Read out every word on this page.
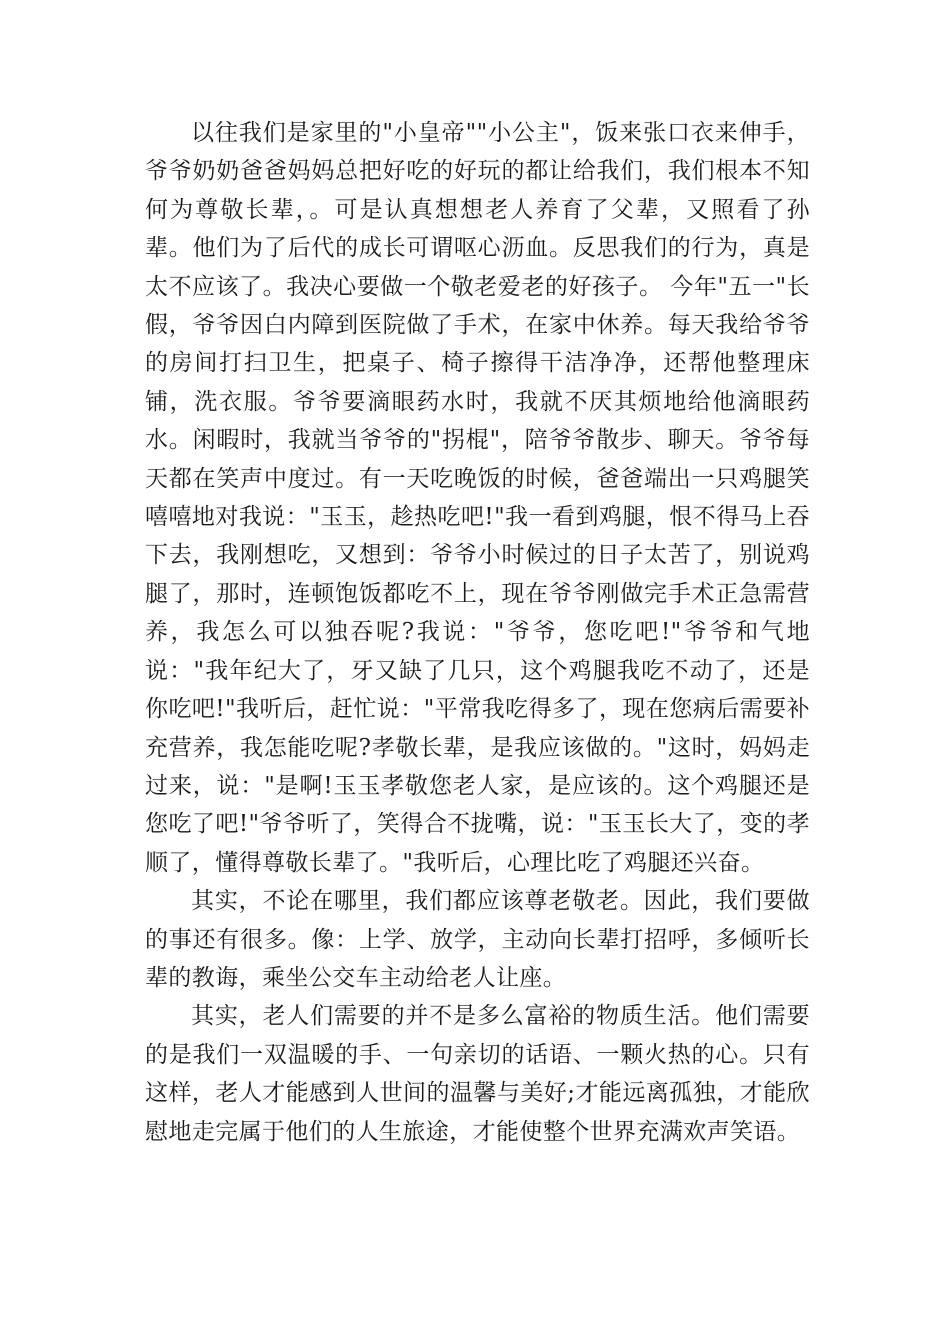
以往我们是家里的"小皇帝""小公主"，饭来张口衣来伸手，爷爷奶奶爸爸妈妈总把好吃的好玩的都让给我们，我们根本不知何为尊敬长辈，。可是认真想想老人养育了父辈，又照看了孙辈。他们为了后代的成长可谓呕心沥血。反思我们的行为，真是太不应该了。我决心要做一个敬老爱老的好孩子。 今年"五一"长假，爷爷因白内障到医院做了手术，在家中休养。每天我给爷爷的房间打扫卫生，把桌子、椅子擦得干洁净净，还帮他整理床铺，洗衣服。爷爷要滴眼药水时，我就不厌其烦地给他滴眼药水。闲暇时，我就当爷爷的"拐棍"，陪爷爷散步、聊天。爷爷每天都在笑声中度过。有一天吃晚饭的时候，爸爸端出一只鸡腿笑嘻嘻地对我说："玉玉，趁热吃吧!"我一看到鸡腿，恨不得马上吞下去，我刚想吃，又想到：爷爷小时候过的日子太苦了，别说鸡腿了，那时，连顿饱饭都吃不上，现在爷爷刚做完手术正急需营养，我怎么可以独吞呢?我说："爷爷，您吃吧!"爷爷和气地说："我年纪大了，牙又缺了几只，这个鸡腿我吃不动了，还是你吃吧!"我听后，赶忙说："平常我吃得多了，现在您病后需要补充营养，我怎能吃呢?孝敬长辈，是我应该做的。"这时，妈妈走过来，说："是啊!玉玉孝敬您老人家，是应该的。这个鸡腿还是您吃了吧!"爷爷听了，笑得合不拢嘴，说："玉玉长大了，变的孝顺了，懂得尊敬长辈了。"我听后，心理比吃了鸡腿还兴奋。

其实，不论在哪里，我们都应该尊老敬老。因此，我们要做的事还有很多。像：上学、放学，主动向长辈打招呼，多倾听长辈的教诲，乘坐公交车主动给老人让座。

其实，老人们需要的并不是多么富裕的物质生活。他们需要的是我们一双温暖的手、一句亲切的话语、一颗火热的心。只有这样，老人才能感到人世间的温馨与美好;才能远离孤独，才能欣慰地走完属于他们的人生旅途，才能使整个世界充满欢声笑语。
